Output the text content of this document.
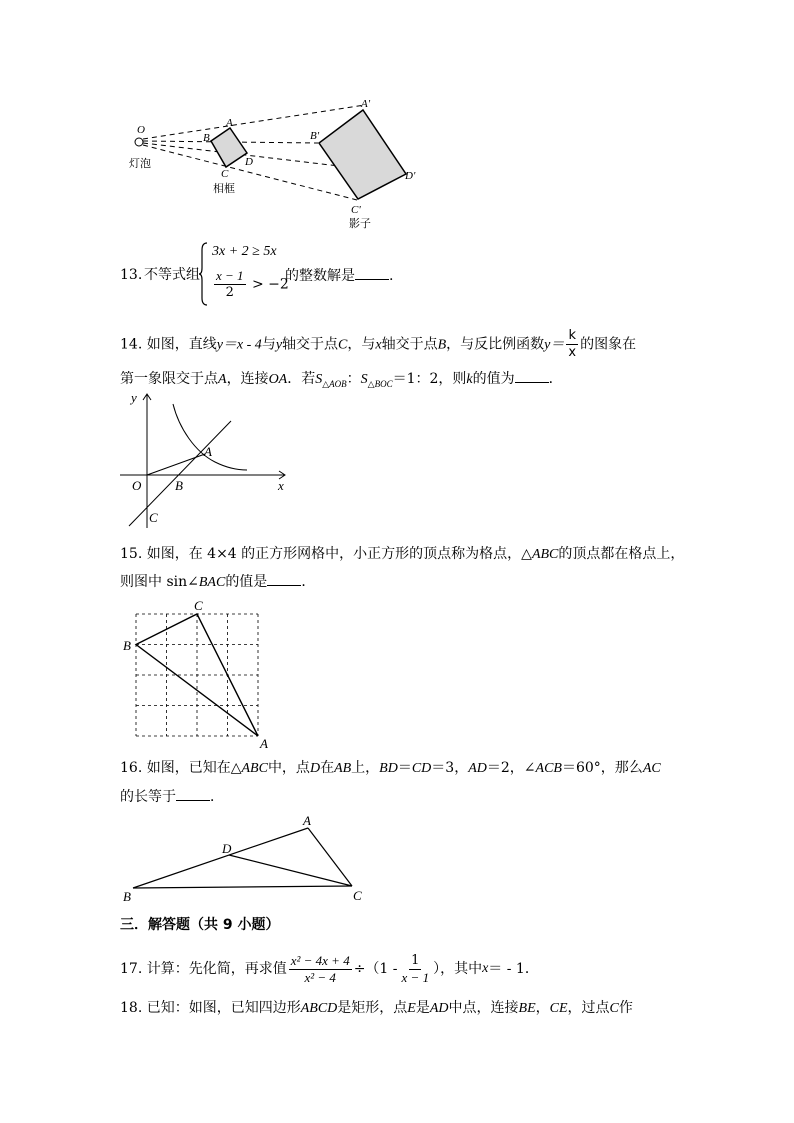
O
A
B
C
D
A'
B'
C'
D'
灯泡
相框
影子
13. 不等式组
3x + 2 ≥ 5x
$\frac{x - 1}{2} > -2$
的整数解是 .
14. 如图，直线y＝x - 4与y轴交于点C，与x轴交于点B，与反比例函数$y= \frac{k}{x}$ 的图象在
第一象限交于点A，连接OA．若$S_{\triangle AOB}$：$S_{\triangle BOC}=1$：2，则k的值为 ．
y
x
O
A
B
C
15. 如图，在 4×4 的正方形网格中，小正方形的顶点称为格点，△ABC的顶点都在格点上，
则图中 sin∠BAC的值是 ．
A
B
C
16. 如图，已知在△ABC中，点D在AB上，BD＝CD＝3，AD＝2，∠ACB＝60°，那么AC
的长等于 ．
A
B	C
D
三．解答题（共 9 小题）
17. 计算：先化简，再求值 $\frac{\text{x² − 4x + 4}}{\text{x² − 4}} \div(1 - \frac{1}{x - 1}$ ），其中 x ＝ - 1．
18. 已知：如图，已知四边形ABCD是矩形，点E是AD中点，连接BE，CE，过点C作
